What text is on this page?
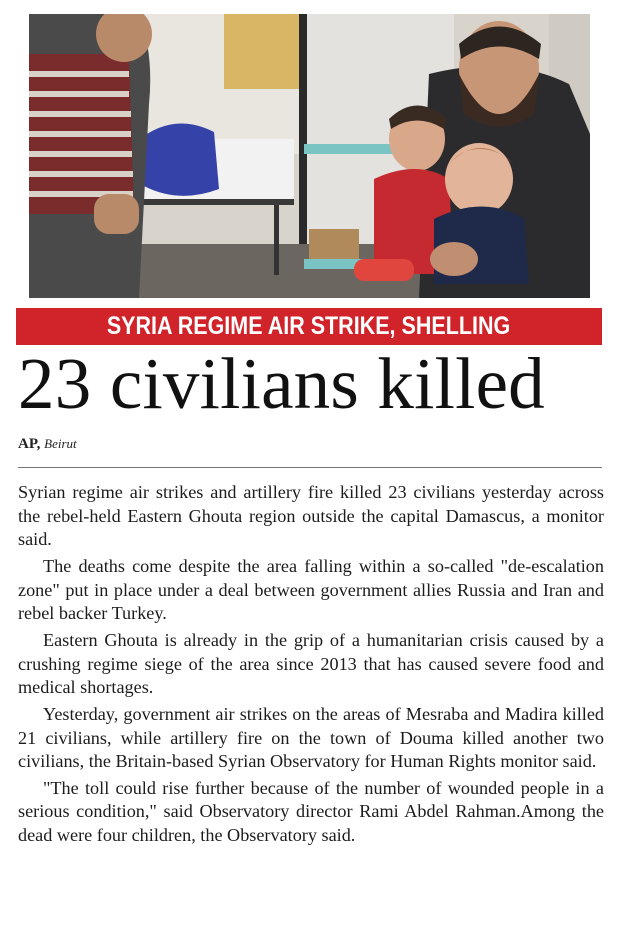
SYRIA REGIME AIR STRIKE, SHELLING
23 civilians killed
AP, Beirut

Syrian regime air strikes and artillery fire killed 23 civilians yesterday across the rebel-held Eastern Ghouta region outside the capital Damascus, a monitor said.

The deaths come despite the area falling within a so-called "de-escalation zone" put in place under a deal between government allies Russia and Iran and rebel backer Turkey.

Eastern Ghouta is already in the grip of a humanitarian crisis caused by a crushing regime siege of the area since 2013 that has caused severe food and medical shortages.

Yesterday, government air strikes on the areas of Mesraba and Madira killed 21 civilians, while artillery fire on the town of Douma killed another two civilians, the Britain-based Syrian Observatory for Human Rights monitor said.

"The toll could rise further because of the number of wounded people in a serious condition," said Observatory director Rami Abdel Rahman.Among the dead were four children, the Observatory said.
